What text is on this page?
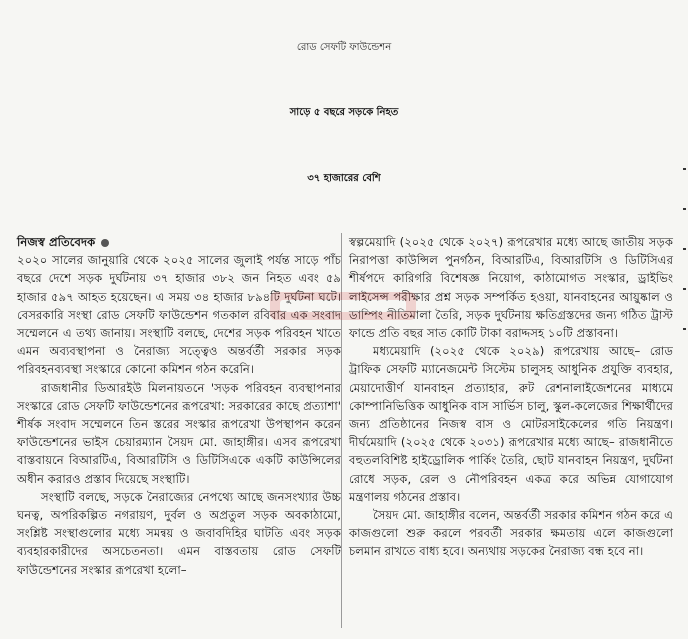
রোড সেফটি ফাউন্ডেশন
সাড়ে ৫ বছরে সড়কে নিহত
৩৭ হাজারের বেশি
নিজস্ব প্রতিবেদক

২০২০ সালের জানুয়ারি থেকে ২০২৫ সালের জুলাই পর্যন্ত সাড়ে পাঁচ বছরে দেশে সড়ক দুর্ঘটনায় ৩৭ হাজার ৩৮২ জন নিহত এবং ৫৯ হাজার ৫৯৭ আহত হয়েছেন। এ সময় ৩৪ হাজার ৮৯৪টি দুর্ঘটনা ঘটে। বেসরকারি সংস্থা রোড সেফটি ফাউন্ডেশন গতকাল রবিবার এক সংবাদ সম্মেলনে এ তথ্য জানায়। সংস্থাটি বলছে, দেশের সড়ক পরিবহন খাতে এমন অব্যবস্থাপনা ও নৈরাজ্য সত্ত্বেও অন্তর্বর্তী সরকার সড়ক পরিবহনব্যবস্থা সংস্কারে কোনো কমিশন গঠন করেনি।

রাজধানীর ডিআরইউ মিলনায়তনে 'সড়ক পরিবহন ব্যবস্থাপনার সংস্কারে রোড সেফটি ফাউন্ডেশনের রূপরেখা: সরকারের কাছে প্রত্যাশা' শীর্ষক সংবাদ সম্মেলনে তিন স্তরের সংস্কার রূপরেখা উপস্থাপন করেন ফাউন্ডেশনের ভাইস চেয়ারম্যান সৈয়দ মো. জাহাঙ্গীর। এসব রূপরেখা বাস্তবায়নে বিআরটিএ, বিআরটিসি ও ডিটিসিএকে একটি কাউন্সিলের অধীন করারও প্রস্তাব দিয়েছে সংস্থাটি।

সংস্থাটি বলছে, সড়কে নৈরাজ্যের নেপথ্যে আছে জনসংখ্যার উচ্চ ঘনত্ব, অপরিকল্পিত নগরায়ণ, দুর্বল ও অপ্রতুল সড়ক অবকাঠামো, সংশ্লিষ্ট সংস্থাগুলোর মধ্যে সমন্বয় ও জবাবদিহির ঘাটতি এবং সড়ক ব্যবহারকারীদের অসচেতনতা। এমন বাস্তবতায় রোড সেফটি ফাউন্ডেশনের সংস্কার রূপরেখা হলো–

স্বল্পমেয়াদি (২০২৫ থেকে ২০২৭) রূপরেখার মধ্যে আছে জাতীয় সড়ক নিরাপত্তা কাউন্সিল পুনর্গঠন, বিআরটিএ, বিআরটিসি ও ডিটিসিএর শীর্ষপদে কারিগরি বিশেষজ্ঞ নিয়োগ, কাঠামোগত সংস্কার, ড্রাইভিং লাইসেন্স পরীক্ষার প্রশ্ন সড়ক সম্পর্কিত হওয়া, যানবাহনের আয়ুষ্কাল ও ডাম্পিং নীতিমালা তৈরি, সড়ক দুর্ঘটনায় ক্ষতিগ্রস্তদের জন্য গঠিত ট্রাস্ট ফান্ডে প্রতি বছর সাত কোটি টাকা বরাদ্দসহ ১০টি প্রস্তাবনা।

মধ্যমেয়াদি (২০২৫ থেকে ২০২৯) রূপরেখায় আছে– রোড ট্রাফিক সেফটি ম্যানেজমেন্ট সিস্টেম চালুসহ আধুনিক প্রযুক্তি ব্যবহার, মেয়াদোত্তীর্ণ যানবাহন প্রত্যাহার, রুট রেশনালাইজেশনের মাধ্যমে কোম্পানিভিত্তিক আধুনিক বাস সার্ভিস চালু, স্কুল-কলেজের শিক্ষার্থীদের জন্য প্রতিষ্ঠানের নিজস্ব বাস ও মোটরসাইকেলের গতি নিয়ন্ত্রণ। দীর্ঘমেয়াদি (২০২৫ থেকে ২০৩১) রূপরেখার মধ্যে আছে– রাজধানীতে বহুতলবিশিষ্ট হাইড্রোলিক পার্কিং তৈরি, ছোট যানবাহন নিয়ন্ত্রণ, দুর্ঘটনা রোধে সড়ক, রেল ও নৌপরিবহন একত্র করে অভিন্ন যোগাযোগ মন্ত্রণালয় গঠনের প্রস্তাব।

সৈয়দ মো. জাহাঙ্গীর বলেন, অন্তর্বর্তী সরকার কমিশন গঠন করে এ কাজগুলো শুরু করলে পরবর্তী সরকার ক্ষমতায় এলে কাজগুলো চলমান রাখতে বাধ্য হবে। অন্যথায় সড়কের নৈরাজ্য বন্ধ হবে না।
